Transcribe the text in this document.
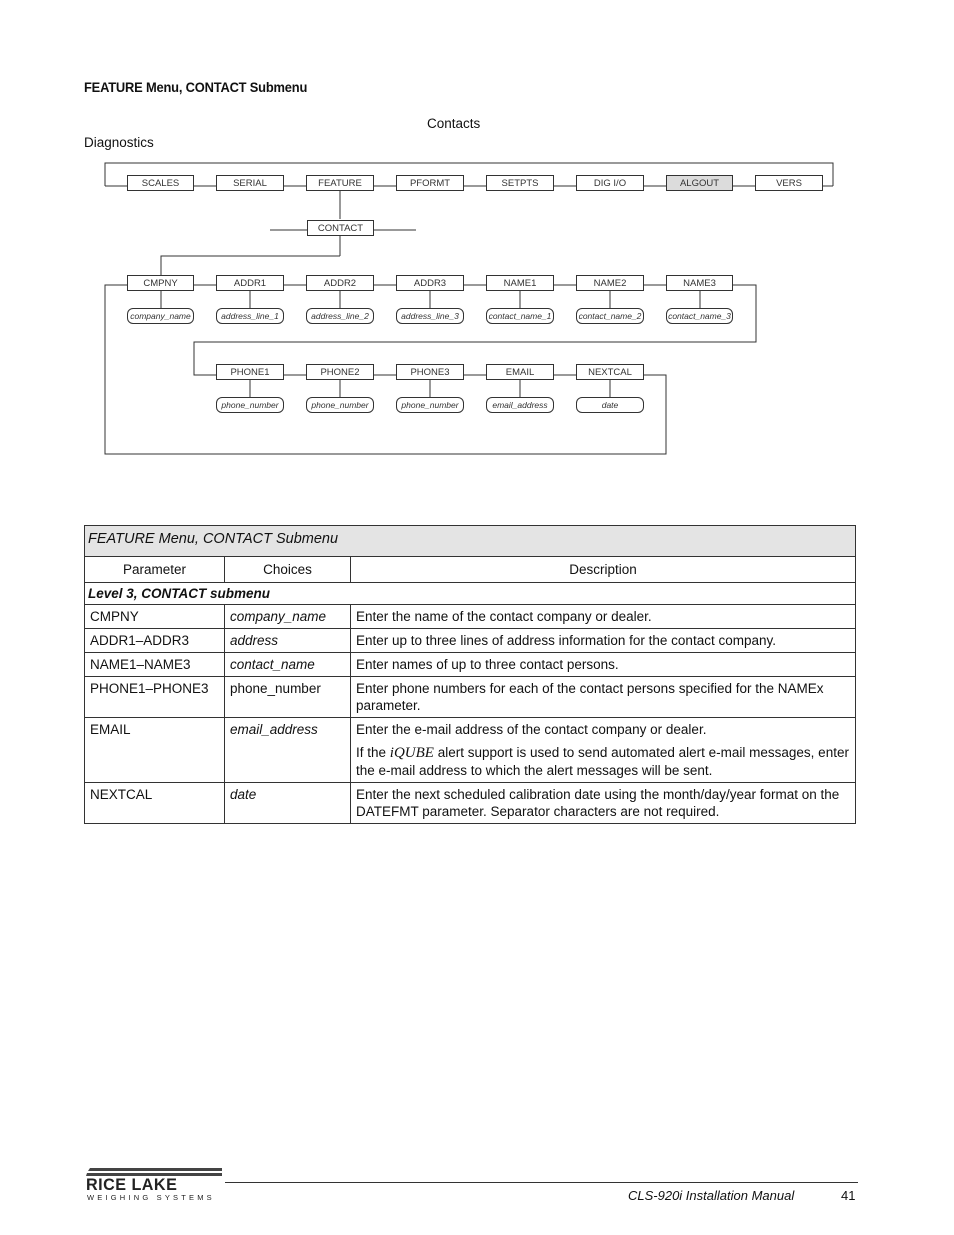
FEATURE Menu, CONTACT Submenu
Contacts
Diagnostics
SCALES	SERIAL	FEATURE	PFORMT	SETPTS	DIG I/O	ALGOUT	VERS
CONTACT
CMPNY	ADDR1	ADDR2	ADDR3	NAME1	NAME2	NAME3
company_name	address_line_1	address_line_2	address_line_3	contact_name_1	contact_name_2	contact_name_3
PHONE1	PHONE2	PHONE3	EMAIL	NEXTCAL
phone_number	phone_number	phone_number	email_address	date
FEATURE Menu, CONTACT Submenu		
Parameter	Choices	Description
Level 3, CONTACT submenu		
CMPNY	company_name	Enter the name of the contact company or dealer.
ADDR1–ADDR3	address	Enter up to three lines of address information for the contact company.
NAME1–NAME3	contact_name	Enter names of up to three contact persons.
PHONE1–PHONE3	phone_number	Enter phone numbers for each of the contact persons specified for the NAMEx parameter.
EMAIL	email_address	Enter the e-mail address of the contact company or dealer.
If the iQUBE alert support is used to send automated alert e-mail messages, enter the e-mail address to which the alert messages will be sent.

NEXTCAL	date	Enter the next scheduled calibration date using the month/day/year format on the DATEFMT parameter. Separator characters are not required.
RICE LAKE
WEIGHING SYSTEMS	CLS-920i Installation Manual	41
